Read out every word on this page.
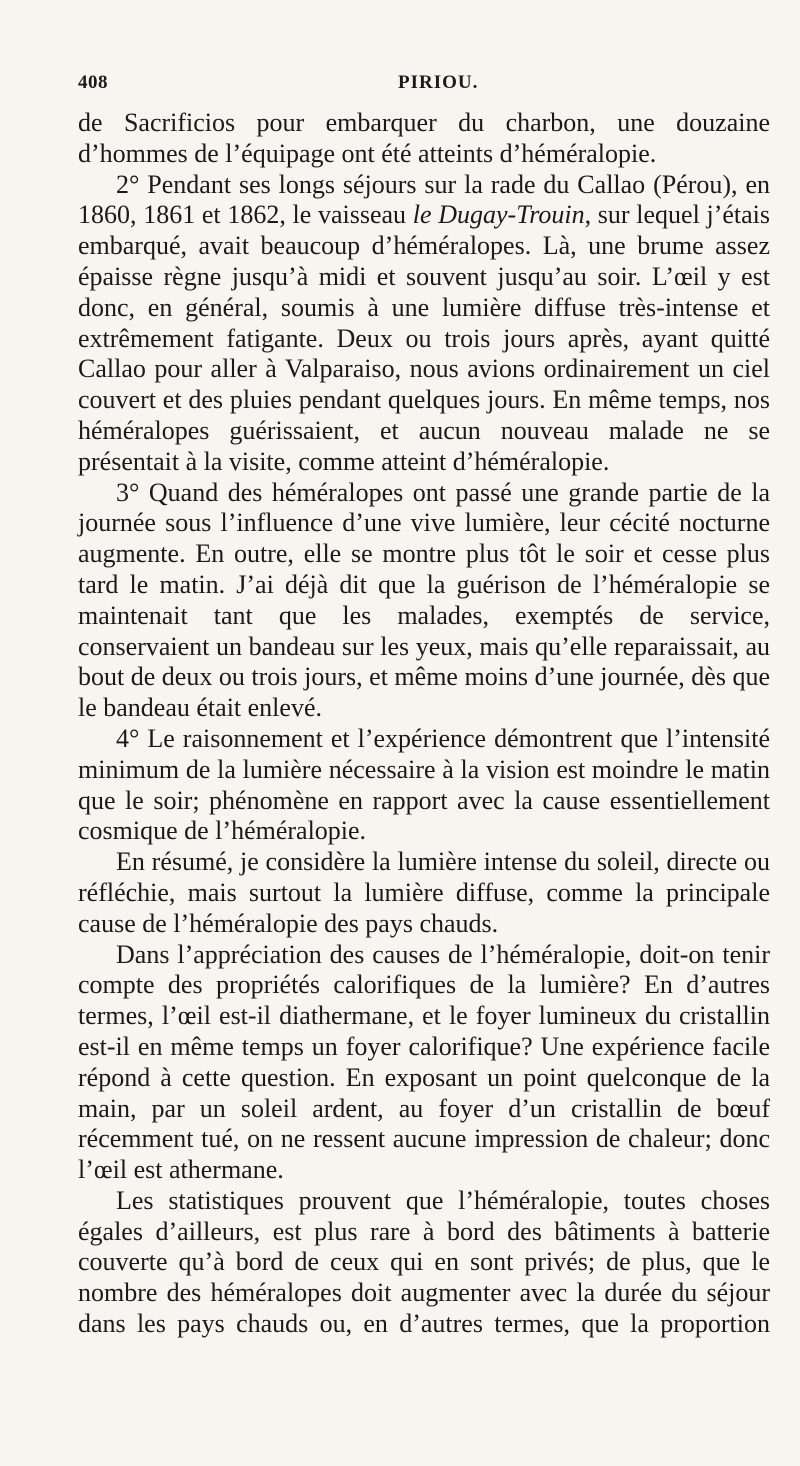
408	PIRIOU.

de Sacrificios pour embarquer du charbon, une douzaine d’hommes de l’équipage ont été atteints d’héméralopie.

2° Pendant ses longs séjours sur la rade du Callao (Pérou), en 1860, 1861 et 1862, le vaisseau le Dugay-Trouin, sur lequel j’étais embarqué, avait beaucoup d’héméralopes. Là, une brume assez épaisse règne jusqu’à midi et souvent jusqu’au soir. L’œil y est donc, en général, soumis à une lumière diffuse très-intense et extrêmement fatigante. Deux ou trois jours après, ayant quitté Callao pour aller à Valparaiso, nous avions ordinairement un ciel couvert et des pluies pendant quelques jours. En même temps, nos héméralopes guérissaient, et aucun nouveau malade ne se présentait à la visite, comme atteint d’héméralopie.

3° Quand des héméralopes ont passé une grande partie de la journée sous l’influence d’une vive lumière, leur cécité nocturne augmente. En outre, elle se montre plus tôt le soir et cesse plus tard le matin. J’ai déjà dit que la guérison de l’héméralopie se maintenait tant que les malades, exemptés de service, conservaient un bandeau sur les yeux, mais qu’elle reparaissait, au bout de deux ou trois jours, et même moins d’une journée, dès que le bandeau était enlevé.

4° Le raisonnement et l’expérience démontrent que l’intensité minimum de la lumière nécessaire à la vision est moindre le matin que le soir; phénomène en rapport avec la cause essentiellement cosmique de l’héméralopie.

En résumé, je considère la lumière intense du soleil, directe ou réfléchie, mais surtout la lumière diffuse, comme la principale cause de l’héméralopie des pays chauds.

Dans l’appréciation des causes de l’héméralopie, doit-on tenir compte des propriétés calorifiques de la lumière? En d’autres termes, l’œil est-il diathermane, et le foyer lumineux du cristallin est-il en même temps un foyer calorifique? Une expérience facile répond à cette question. En exposant un point quelconque de la main, par un soleil ardent, au foyer d’un cristallin de bœuf récemment tué, on ne ressent aucune impression de chaleur; donc l’œil est athermane.

Les statistiques prouvent que l’héméralopie, toutes choses égales d’ailleurs, est plus rare à bord des bâtiments à batterie couverte qu’à bord de ceux qui en sont privés; de plus, que le nombre des héméralopes doit augmenter avec la durée du séjour dans les pays chauds ou, en d’autres termes, que la proportion
